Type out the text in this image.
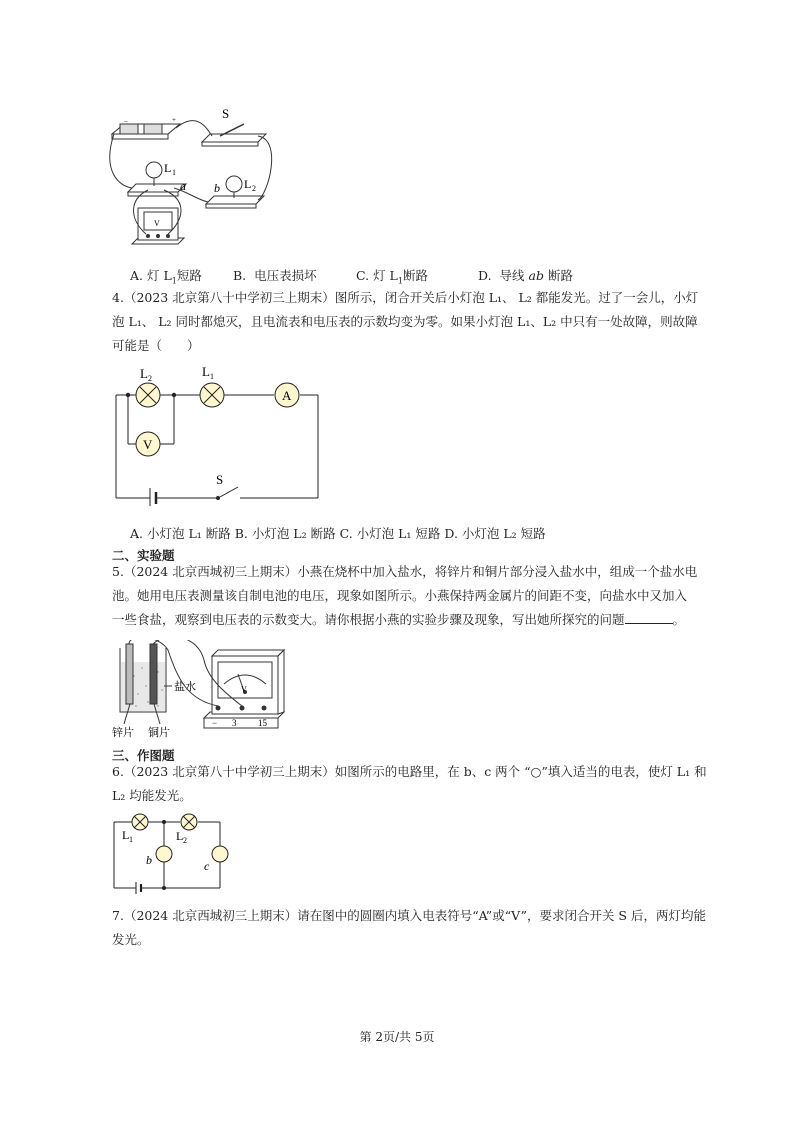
−	+	S
L 1
a	L 2
b
V
A. 灯 $L_1$短路 B. 电压表损坏	C. 灯 $L_1$断路	D. 导线 ab 断路
4.（2023 北京第八十中学初三上期末）图所示，闭合开关后小灯泡 L₁、 L₂ 都能发光。过了一会儿，小灯
泡 L₁、 L₂ 同时都熄灭，且电流表和电压表的示数均变为零。如果小灯泡 L₁、L₂ 中只有一处故障，则故障
可能是（　　）
S
L 2	L 1
A
V
A. 小灯泡 L₁ 断路 B. 小灯泡 L₂ 断路 C. 小灯泡 L₁ 短路 D. 小灯泡 L₂ 短路
二、实验题
5.（2024 北京西城初三上期末）小燕在烧杯中加入盐水，将锌片和铜片部分浸入盐水中，组成一个盐水电
池。她用电压表测量该自制电池的电压，现象如图所示。小燕保持两金属片的间距不变，向盐水中又加入
一些食盐，观察到电压表的示数变大。请你根据小燕的实验步骤及现象，写出她所探究的问题	。
盐水
锌片 铜片
V
− 3 15
三、作图题
6.（2023 北京第八十中学初三上期末）如图所示的电路里，在 b、c 两个 “○”填入适当的电表，使灯 L₁ 和
L₂ 均能发光。
L 1	L 2
b	c
7.（2024 北京西城初三上期末）请在图中的圆圈内填入电表符号“A”或“V”，要求闭合开关 S 后，两灯均能
发光。
第 2页/共 5页
